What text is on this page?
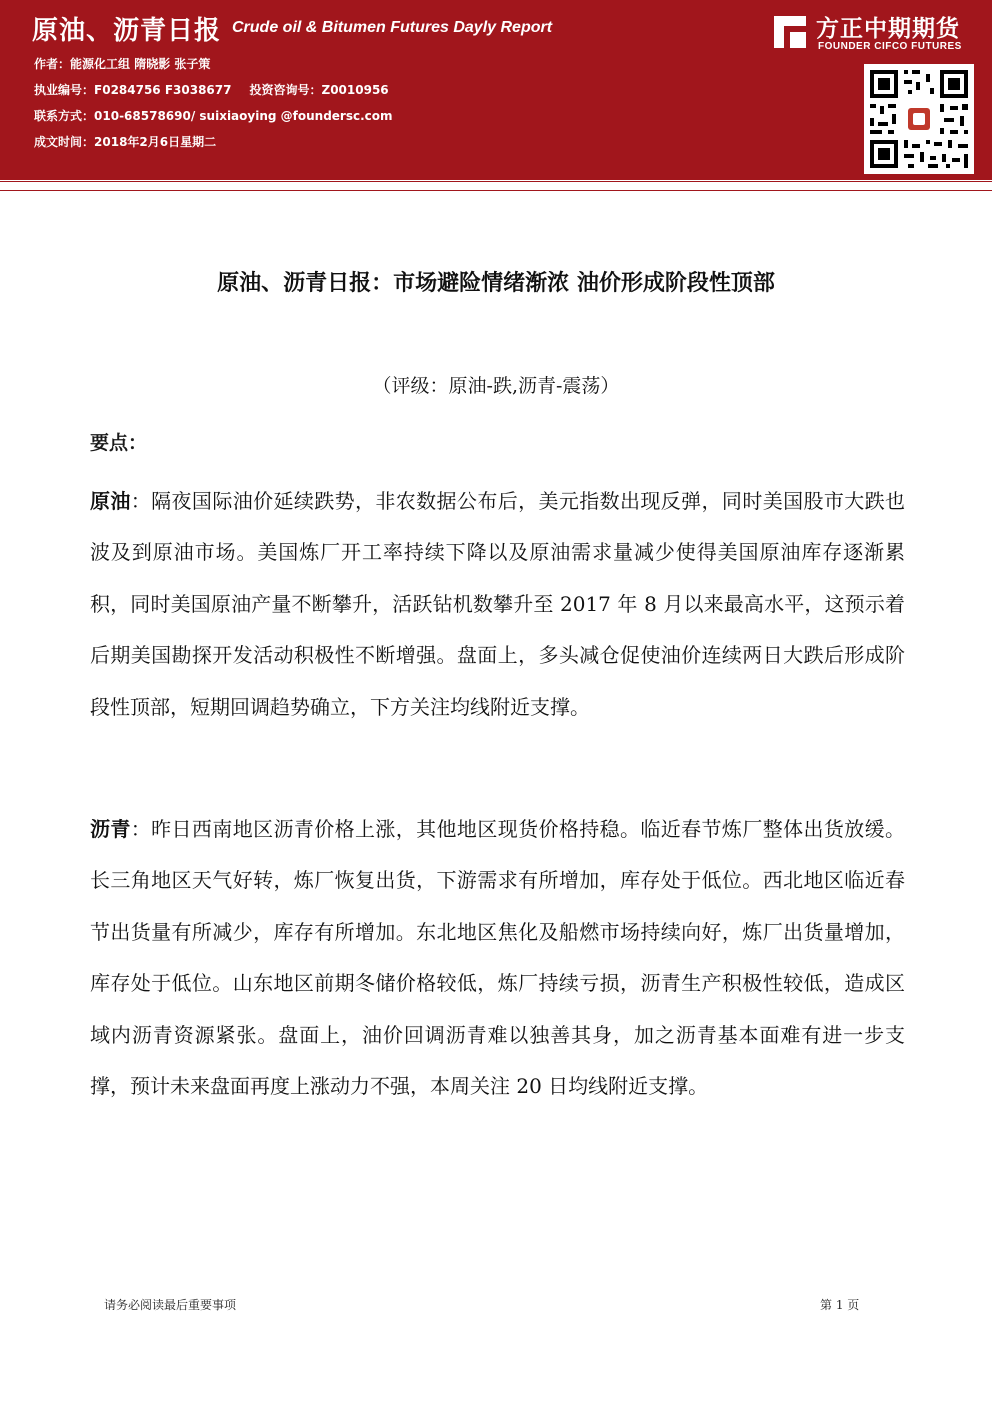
原油、沥青日报 Crude oil & Bitumen Futures Dayly Report
作者：能源化工组 隋晓影 张子策
执业编号：F0284756 F3038677 投资咨询号：Z0010956
联系方式：010-68578690/ suixiaoying @foundersc.com
成文时间：2018年2月6日星期二
方正中期期货
FOUNDER CIFCO FUTURES
原油、沥青日报：市场避险情绪渐浓 油价形成阶段性顶部
（评级：原油-跌,沥青-震荡）
要点：
原油：隔夜国际油价延续跌势，非农数据公布后，美元指数出现反弹，同时美国股市大跌也波及到原油市场。美国炼厂开工率持续下降以及原油需求量减少使得美国原油库存逐渐累积，同时美国原油产量不断攀升，活跃钻机数攀升至 2017 年 8 月以来最高水平，这预示着后期美国勘探开发活动积极性不断增强。盘面上，多头减仓促使油价连续两日大跌后形成阶段性顶部，短期回调趋势确立，下方关注均线附近支撑。
沥青：昨日西南地区沥青价格上涨，其他地区现货价格持稳。临近春节炼厂整体出货放缓。长三角地区天气好转，炼厂恢复出货，下游需求有所增加，库存处于低位。西北地区临近春节出货量有所减少，库存有所增加。东北地区焦化及船燃市场持续向好，炼厂出货量增加，库存处于低位。山东地区前期冬储价格较低，炼厂持续亏损，沥青生产积极性较低，造成区域内沥青资源紧张。盘面上，油价回调沥青难以独善其身，加之沥青基本面难有进一步支撑，预计未来盘面再度上涨动力不强，本周关注 20 日均线附近支撑。
请务必阅读最后重要事项	第 1 页
